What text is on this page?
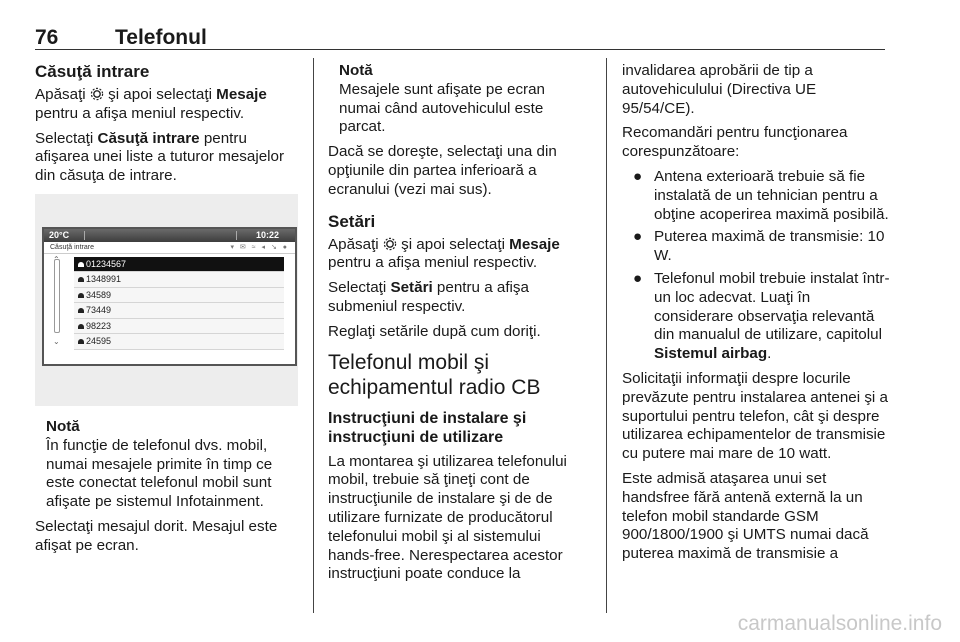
76	Telefonul
Căsuţă intrare

Apăsaţi  şi apoi selectaţi Mesaje pentru a afişa meniul respectiv.

Selectaţi Căsuţă intrare pentru afişarea unei liste a tuturor mesajelor din căsuţa de intrare.

20°C	10:22
Căsuţă intrare	▾ ✉ ≈ ◂ ↘ ●
⌃
⌄
01234567
1348991
34589
73449
98223
24595
Notă
În funcţie de telefonul dvs. mobil, numai mesajele primite în timp ce este conectat telefonul mobil sunt afişate pe sistemul Infotainment.

Selectaţi mesajul dorit. Mesajul este afişat pe ecran.

Notă
Mesajele sunt afişate pe ecran numai când autovehiculul este parcat.

Dacă se doreşte, selectaţi una din opţiunile din partea inferioară a ecranului (vezi mai sus).

Setări

Apăsaţi  şi apoi selectaţi Mesaje pentru a afişa meniul respectiv.

Selectaţi Setări pentru a afişa submeniul respectiv.

Reglaţi setările după cum doriţi.

Telefonul mobil şi echipamentul radio CB
Instrucţiuni de instalare şi instrucţiuni de utilizare

La montarea şi utilizarea telefonului mobil, trebuie să ţineţi cont de instrucţiunile de instalare şi de de utilizare furnizate de producătorul telefonului mobil şi al sistemului hands-free. Nerespectarea acestor instrucţiuni poate conduce la

invalidarea aprobării de tip a autovehiculului (Directiva UE 95/54/CE).

Recomandări pentru funcţionarea corespunzătoare:

● Antena exterioară trebuie să fie instalată de un tehnician pentru a obţine acoperirea maximă posibilă.
● Puterea maximă de transmisie: 10 W.
● Telefonul mobil trebuie instalat într-un loc adecvat. Luaţi în considerare observaţia relevantă din manualul de utilizare, capitolul Sistemul airbag.

Solicitaţii informaţii despre locurile prevăzute pentru instalarea antenei şi a suportului pentru telefon, cât şi despre utilizarea echipamentelor de transmisie cu putere mai mare de 10 watt.

Este admisă ataşarea unui set handsfree fără antenă externă la un telefon mobil standarde GSM 900/1800/1900 şi UMTS numai dacă puterea maximă de transmisie a

carmanualsonline.info
